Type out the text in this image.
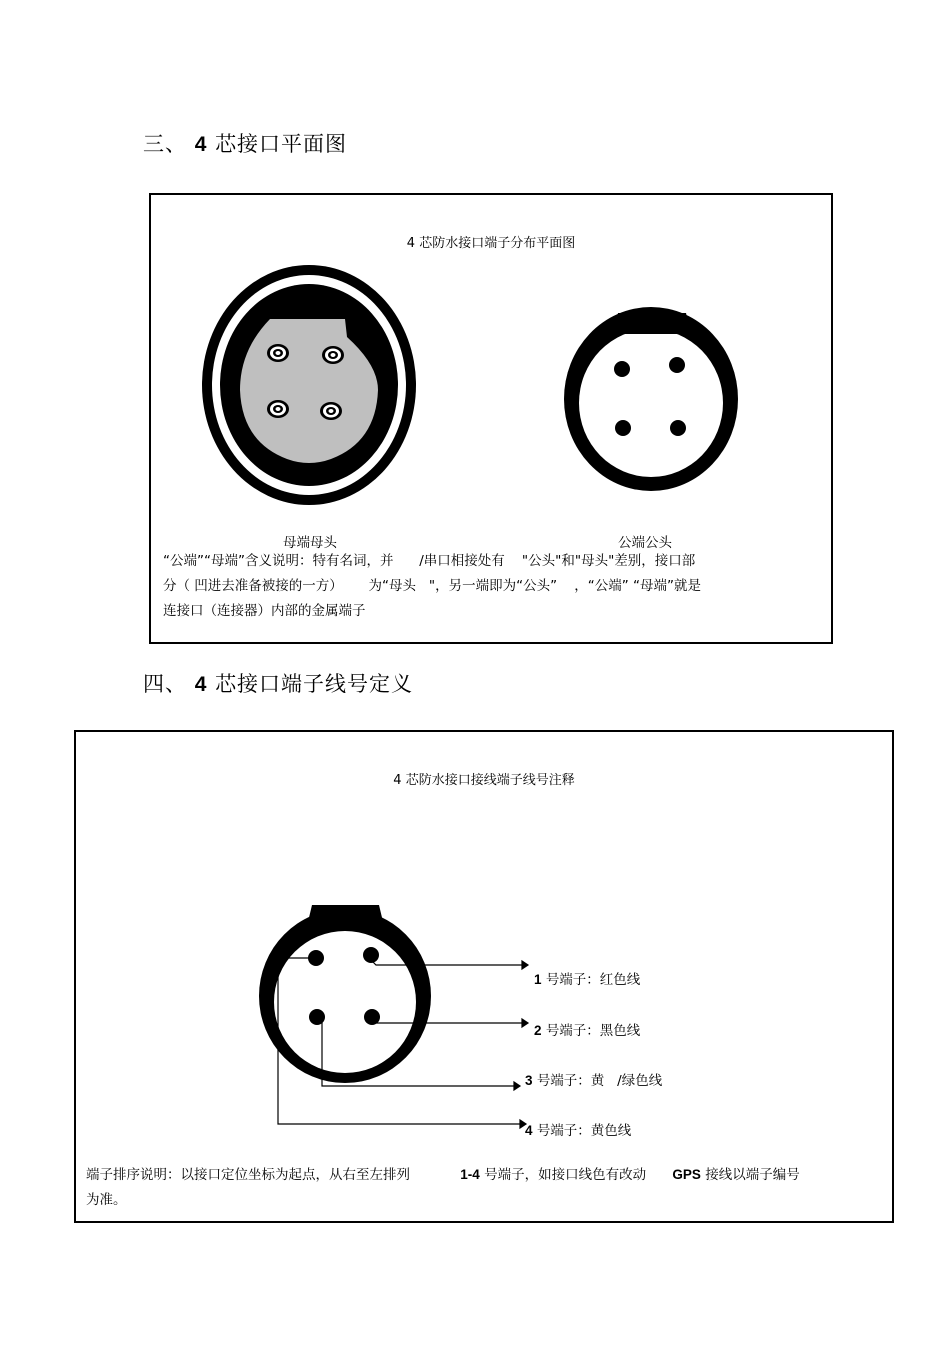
三、 4 芯接口平面图
4 芯防水接口端子分布平面图
母端母头	公端公头
“公端”“母端”含义说明：特有名词，并      /串口相接处有    "公头"和"母头"差别，接口部
分（ 凹进去准备被接的一方）      为“母头   "，另一端即为“公头”    ，“公端” “母端”就是
连接口（连接器）内部的金属端子
四、 4 芯接口端子线号定义
4 芯防水接口接线端子线号注释
1 号端子：红色线
2 号端子：黑色线
3 号端子：黄   /绿色线
4 号端子：黄色线
端子排序说明：以接口定位坐标为起点，从右至左排列	1-4 号端子，如接口线色有改动 GPS 接线以端子编号
为准。
